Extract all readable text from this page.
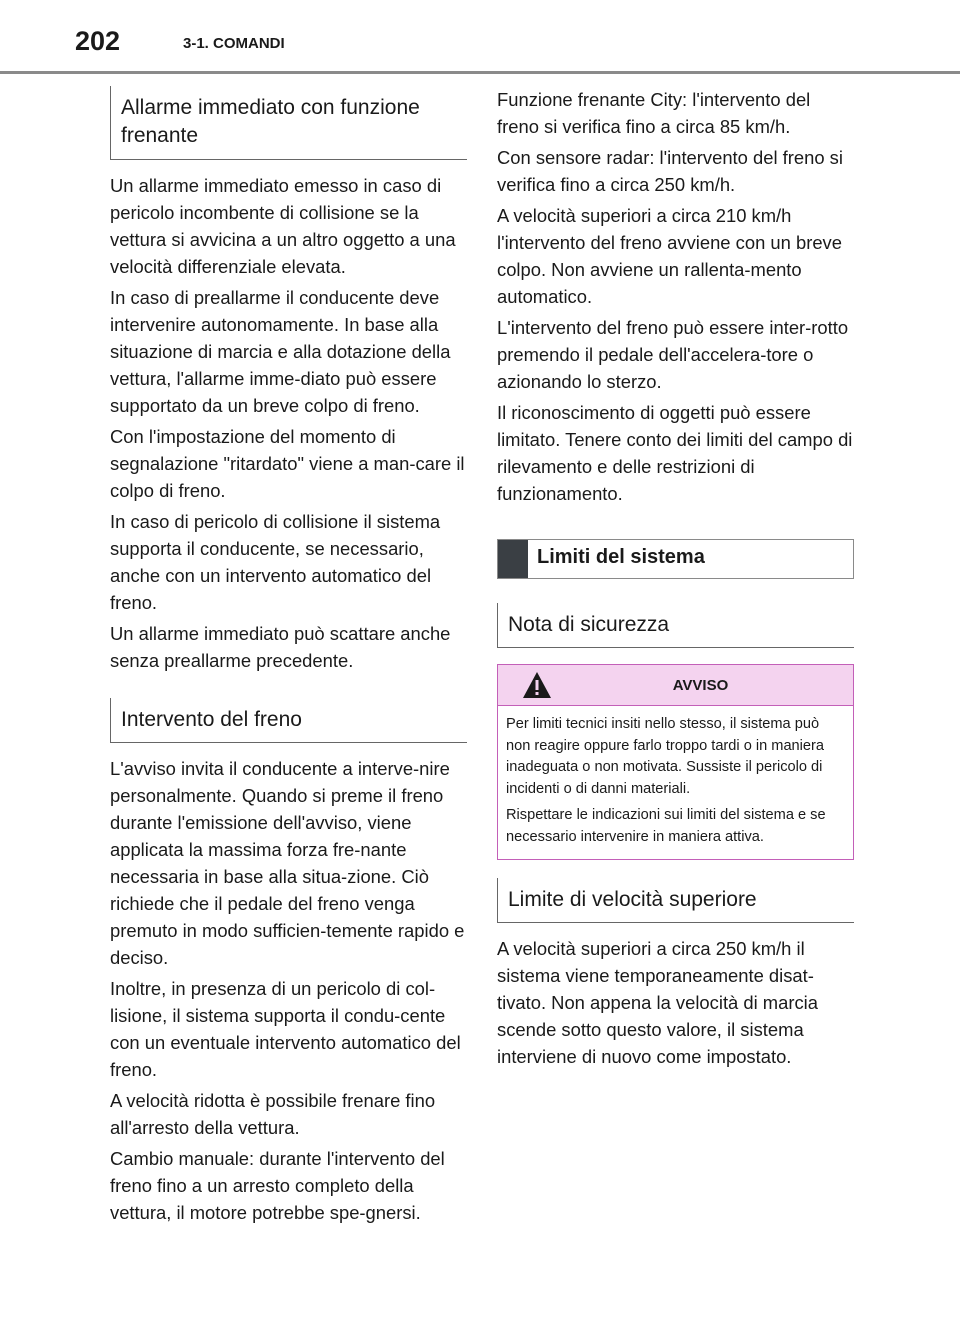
202	3-1. COMANDI
Allarme immediato con funzione frenante

Un allarme immediato emesso in caso di pericolo incombente di collisione se la vettura si avvicina a un altro oggetto a una velocità differenziale elevata.

In caso di preallarme il conducente deve intervenire autonomamente. In base alla situazione di marcia e alla dotazione della vettura, l'allarme imme-diato può essere supportato da un breve colpo di freno.

Con l'impostazione del momento di segnalazione "ritardato" viene a man-care il colpo di freno.

In caso di pericolo di collisione il sistema supporta il conducente, se necessario, anche con un intervento automatico del freno.

Un allarme immediato può scattare anche senza preallarme precedente.

Intervento del freno

L'avviso invita il conducente a interve-nire personalmente. Quando si preme il freno durante l'emissione dell'avviso, viene applicata la massima forza fre-nante necessaria in base alla situa-zione. Ciò richiede che il pedale del freno venga premuto in modo sufficien-temente rapido e deciso.

Inoltre, in presenza di un pericolo di col-lisione, il sistema supporta il condu-cente con un eventuale intervento automatico del freno.

A velocità ridotta è possibile frenare fino all'arresto della vettura.

Cambio manuale: durante l'intervento del freno fino a un arresto completo della vettura, il motore potrebbe spe-gnersi.

Funzione frenante City: l'intervento del freno si verifica fino a circa 85 km/h.

Con sensore radar: l'intervento del freno si verifica fino a circa 250 km/h.

A velocità superiori a circa 210 km/h l'intervento del freno avviene con un breve colpo. Non avviene un rallenta-mento automatico.

L'intervento del freno può essere inter-rotto premendo il pedale dell'accelera-tore o azionando lo sterzo.

Il riconoscimento di oggetti può essere limitato. Tenere conto dei limiti del campo di rilevamento e delle restrizioni di funzionamento.

Limiti del sistema
Nota di sicurezza
AVVISO

Per limiti tecnici insiti nello stesso, il sistema può non reagire oppure farlo troppo tardi o in maniera inadeguata o non motivata. Sussiste il pericolo di incidenti o di danni materiali.

Rispettare le indicazioni sui limiti del sistema e se necessario intervenire in maniera attiva.

Limite di velocità superiore

A velocità superiori a circa 250 km/h il sistema viene temporaneamente disat-tivato. Non appena la velocità di marcia scende sotto questo valore, il sistema interviene di nuovo come impostato.
